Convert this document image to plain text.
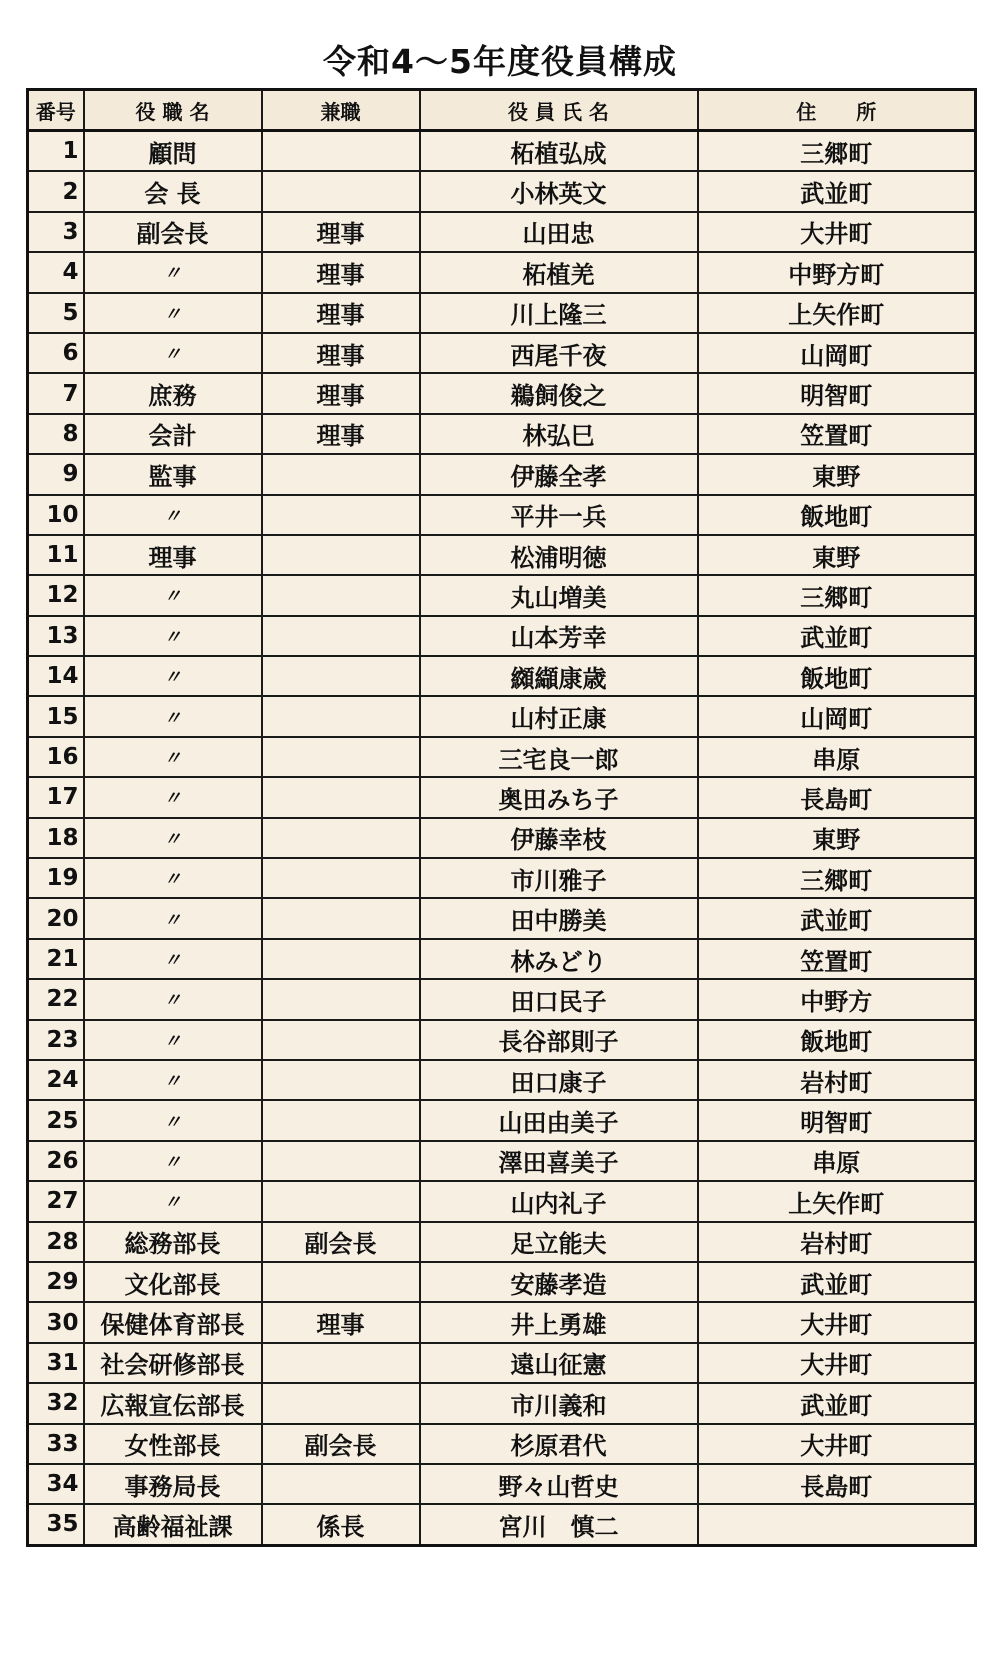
令和4～5年度役員構成
番号	役 職 名	兼職	役 員 氏 名	住　　所
1	顧問		柘植弘成	三郷町
2	会 長		小林英文	武並町
3	副会長	理事	山田忠	大井町
4	〃	理事	柘植羌	中野方町
5	〃	理事	川上隆三	上矢作町
6	〃	理事	西尾千夜	山岡町
7	庶務	理事	鵜飼俊之	明智町
8	会計	理事	林弘巳	笠置町
9	監事		伊藤全孝	東野
10	〃		平井一兵	飯地町
11	理事		松浦明徳	東野
12	〃		丸山増美	三郷町
13	〃		山本芳幸	武並町
14	〃		纐纈康歳	飯地町
15	〃		山村正康	山岡町
16	〃		三宅良一郎	串原
17	〃		奥田みち子	長島町
18	〃		伊藤幸枝	東野
19	〃		市川雅子	三郷町
20	〃		田中勝美	武並町
21	〃		林みどり	笠置町
22	〃		田口民子	中野方
23	〃		長谷部則子	飯地町
24	〃		田口康子	岩村町
25	〃		山田由美子	明智町
26	〃		澤田喜美子	串原
27	〃		山内礼子	上矢作町
28	総務部長	副会長	足立能夫	岩村町
29	文化部長		安藤孝造	武並町
30	保健体育部長	理事	井上勇雄	大井町
31	社会研修部長		遠山征憲	大井町
32	広報宣伝部長		市川義和	武並町
33	女性部長	副会長	杉原君代	大井町
34	事務局長		野々山哲史	長島町
35	高齢福祉課	係長	宮川　慎二	
